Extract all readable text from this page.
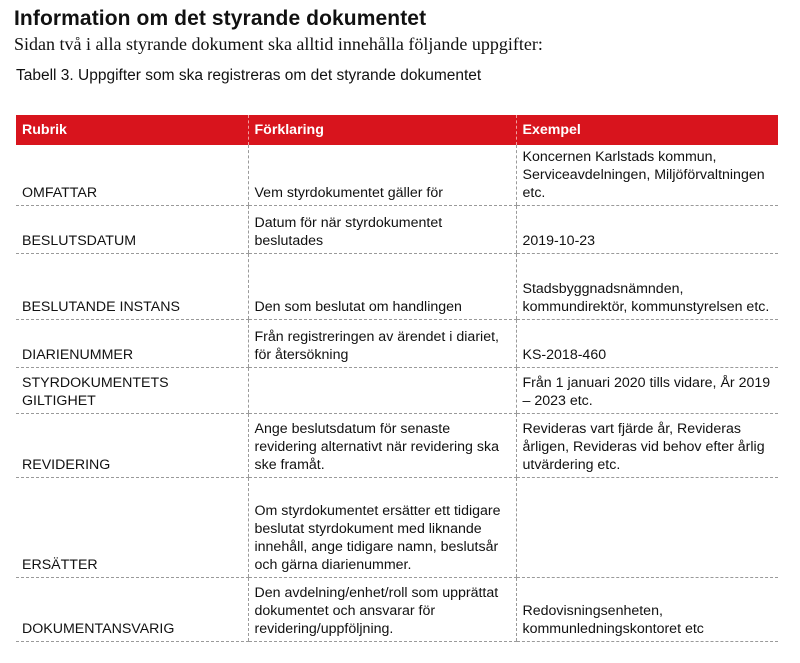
Information om det styrande dokumentet

Sidan två i alla styrande dokument ska alltid innehålla följande uppgifter:

Tabell 3. Uppgifter som ska registreras om det styrande dokumentet

Rubrik	Förklaring	Exempel
OMFATTAR	Vem styrdokumentet gäller för	Koncernen Karlstads kommun, Serviceavdelningen, Miljöförvaltningen etc.
BESLUTSDATUM	Datum för när styrdokumentet beslutades	2019-10-23
BESLUTANDE INSTANS	Den som beslutat om handlingen	Stadsbyggnadsnämnden, kommundirektör, kommunstyrelsen etc.
DIARIENUMMER	Från registreringen av ärendet i diariet, för återsökning	KS-2018-460
STYRDOKUMENTETS GILTIGHET		Från 1 januari 2020 tills vidare, År 2019 – 2023 etc.
REVIDERING	Ange beslutsdatum för senaste revidering alternativt när revidering ska ske framåt.	Revideras vart fjärde år, Revideras årligen, Revideras vid behov efter årlig utvärdering etc.
ERSÄTTER	Om styrdokumentet ersätter ett tidigare beslutat styrdokument med liknande innehåll, ange tidigare namn, beslutsår och gärna diarienummer.	
DOKUMENTANSVARIG	Den avdelning/enhet/roll som upprättat dokumentet och ansvarar för revidering/uppföljning.	Redovisningsenheten, kommunledningskontoret etc
